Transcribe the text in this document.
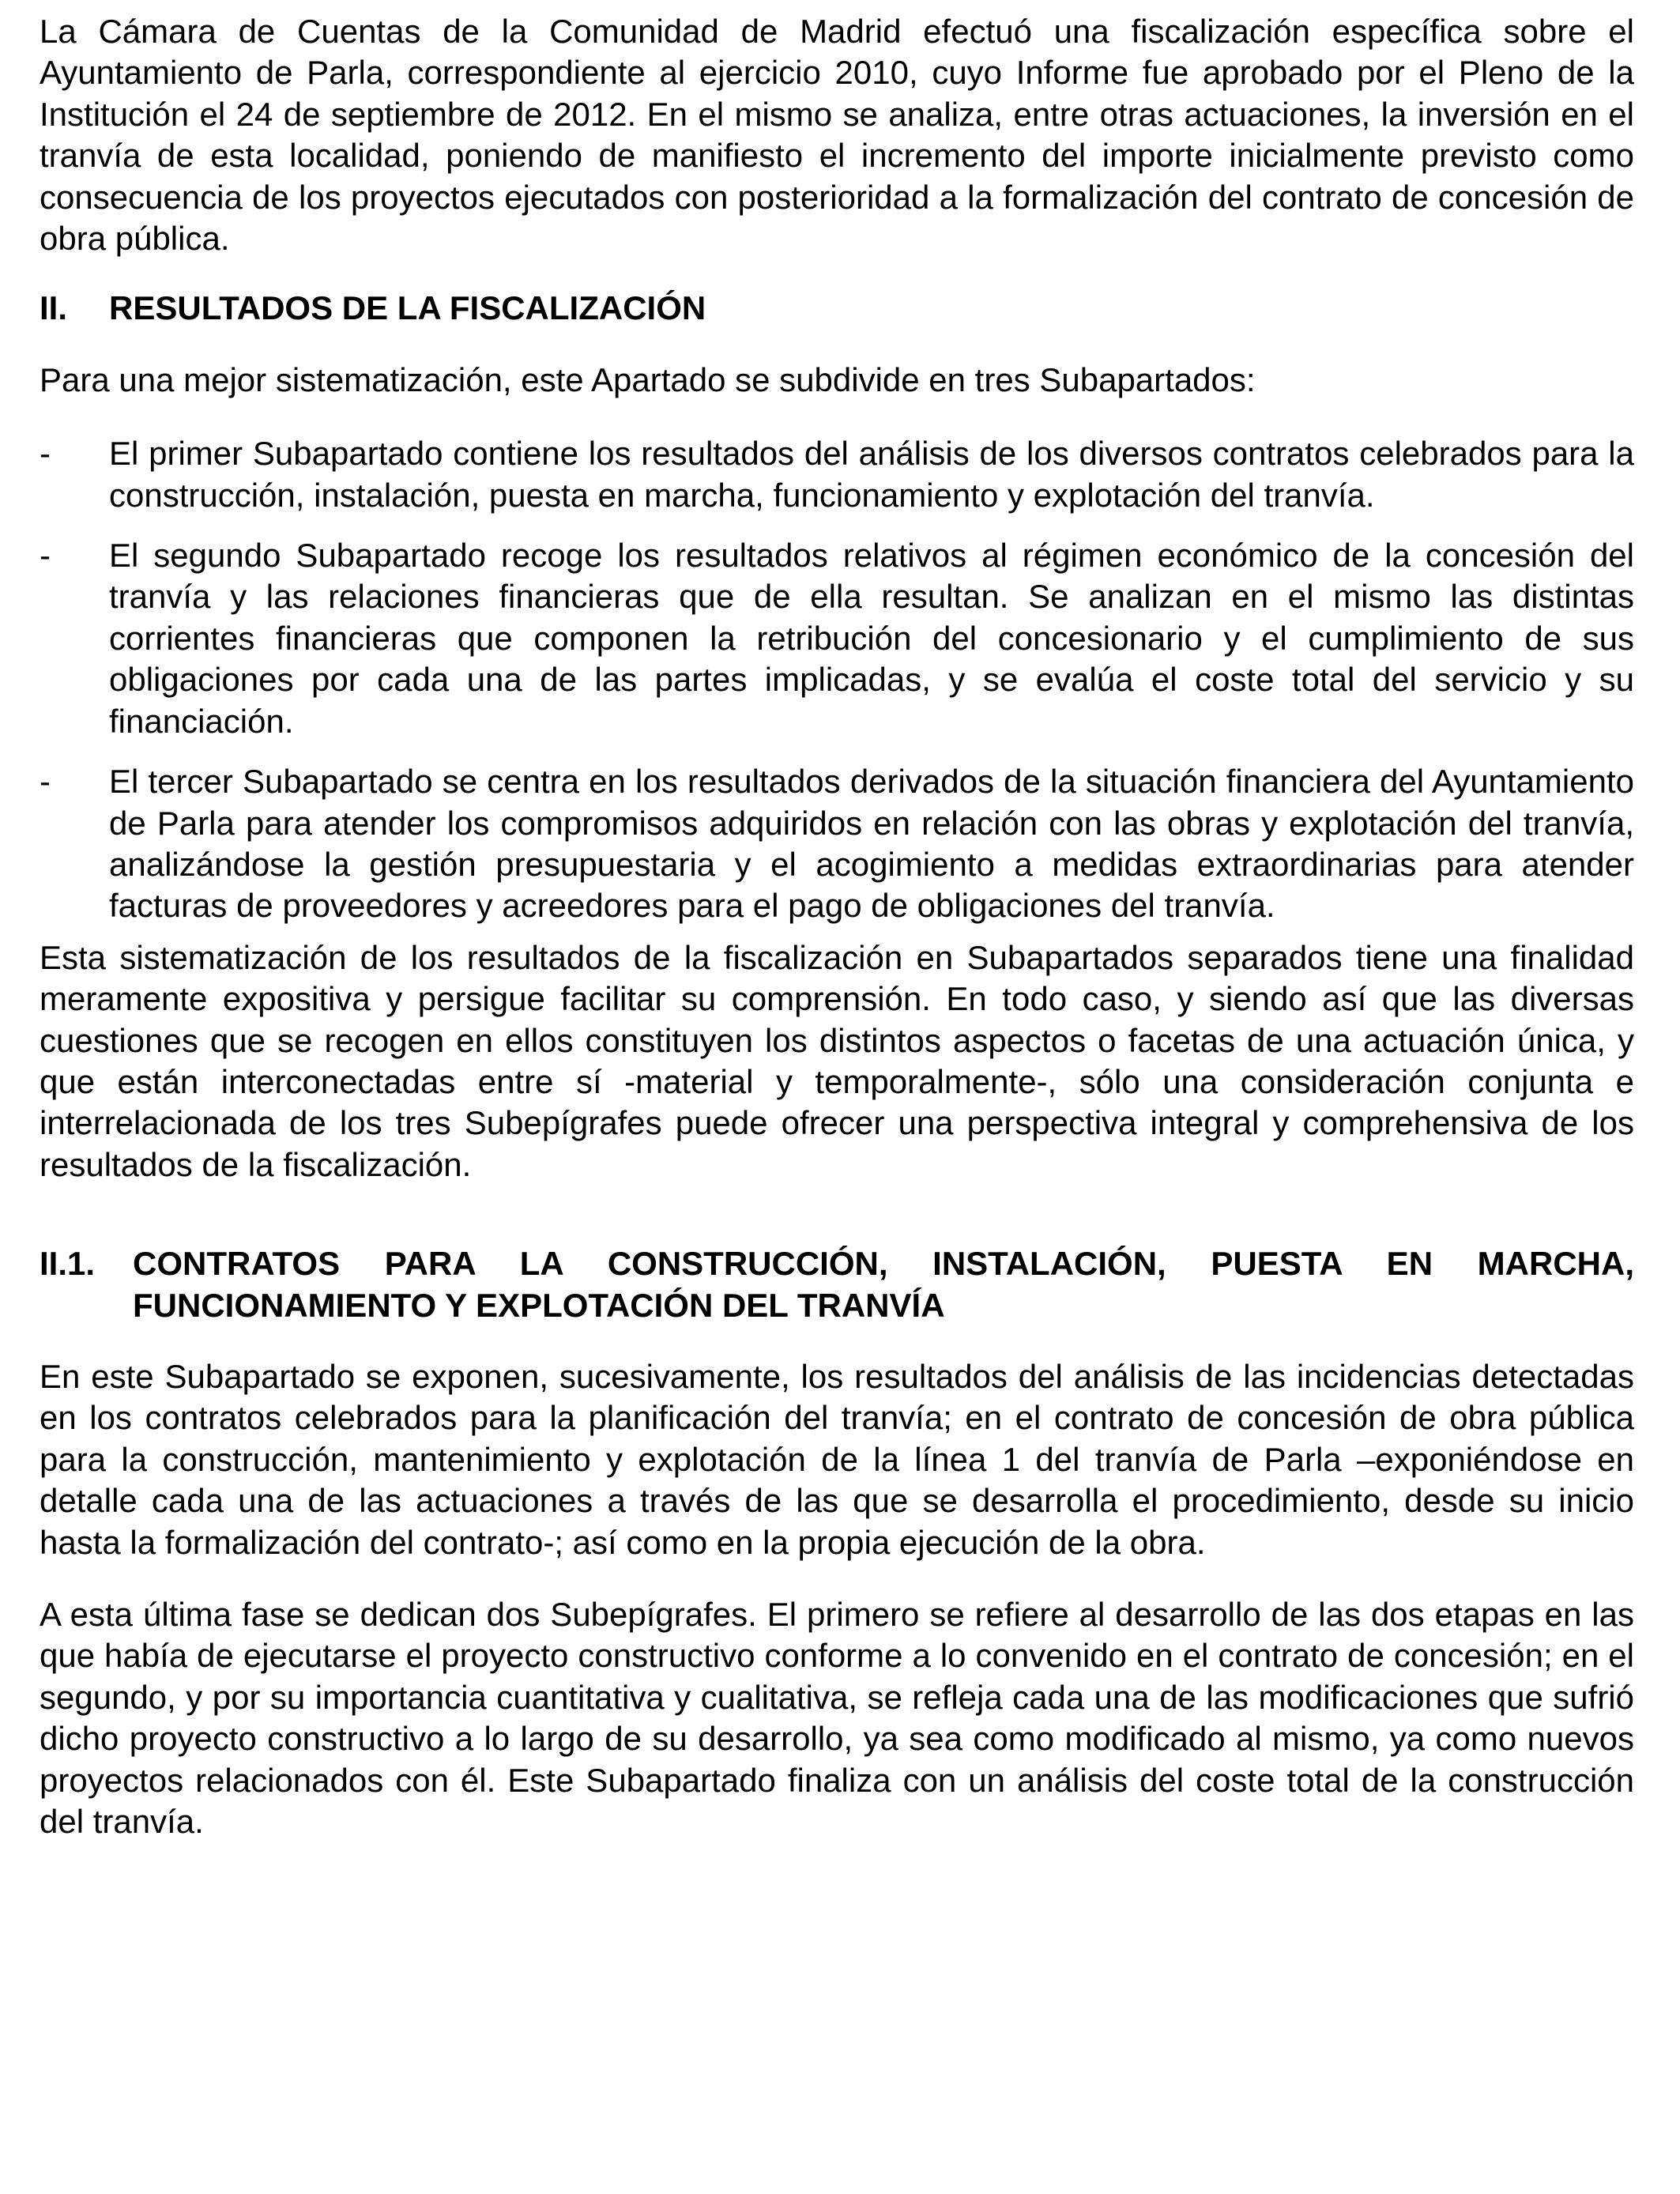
La Cámara de Cuentas de la Comunidad de Madrid efectuó una fiscalización específica sobre el Ayuntamiento de Parla, correspondiente al ejercicio 2010, cuyo Informe fue aprobado por el Pleno de la Institución el 24 de septiembre de 2012. En el mismo se analiza, entre otras actuaciones, la inversión en el tranvía de esta localidad, poniendo de manifiesto el incremento del importe inicialmente previsto como consecuencia de los proyectos ejecutados con posterioridad a la formalización del contrato de concesión de obra pública.

II.	RESULTADOS DE LA FISCALIZACIÓN

Para una mejor sistematización, este Apartado se subdivide en tres Subapartados:

-	El primer Subapartado contiene los resultados del análisis de los diversos contratos celebrados para la construcción, instalación, puesta en marcha, funcionamiento y explotación del tranvía.
-	El segundo Subapartado recoge los resultados relativos al régimen económico de la concesión del tranvía y las relaciones financieras que de ella resultan. Se analizan en el mismo las distintas corrientes financieras que componen la retribución del concesionario y el cumplimiento de sus obligaciones por cada una de las partes implicadas, y se evalúa el coste total del servicio y su financiación.
-	El tercer Subapartado se centra en los resultados derivados de la situación financiera del Ayuntamiento de Parla para atender los compromisos adquiridos en relación con las obras y explotación del tranvía, analizándose la gestión presupuestaria y el acogimiento a medidas extraordinarias para atender facturas de proveedores y acreedores para el pago de obligaciones del tranvía.

Esta sistematización de los resultados de la fiscalización en Subapartados separados tiene una finalidad meramente expositiva y persigue facilitar su comprensión. En todo caso, y siendo así que las diversas cuestiones que se recogen en ellos constituyen los distintos aspectos o facetas de una actuación única, y que están interconectadas entre sí -material y temporalmente-, sólo una consideración conjunta e interrelacionada de los tres Subepígrafes puede ofrecer una perspectiva integral y comprehensiva de los resultados de la fiscalización.

II.1.	CONTRATOS PARA LA CONSTRUCCIÓN, INSTALACIÓN, PUESTA EN MARCHA, FUNCIONAMIENTO Y EXPLOTACIÓN DEL TRANVÍA

En este Subapartado se exponen, sucesivamente, los resultados del análisis de las incidencias detectadas en los contratos celebrados para la planificación del tranvía; en el contrato de concesión de obra pública para la construcción, mantenimiento y explotación de la línea 1 del tranvía de Parla –exponiéndose en detalle cada una de las actuaciones a través de las que se desarrolla el procedimiento, desde su inicio hasta la formalización del contrato-; así como en la propia ejecución de la obra.

A esta última fase se dedican dos Subepígrafes. El primero se refiere al desarrollo de las dos etapas en las que había de ejecutarse el proyecto constructivo conforme a lo convenido en el contrato de concesión; en el segundo, y por su importancia cuantitativa y cualitativa, se refleja cada una de las modificaciones que sufrió dicho proyecto constructivo a lo largo de su desarrollo, ya sea como modificado al mismo, ya como nuevos proyectos relacionados con él. Este Subapartado finaliza con un análisis del coste total de la construcción del tranvía.
